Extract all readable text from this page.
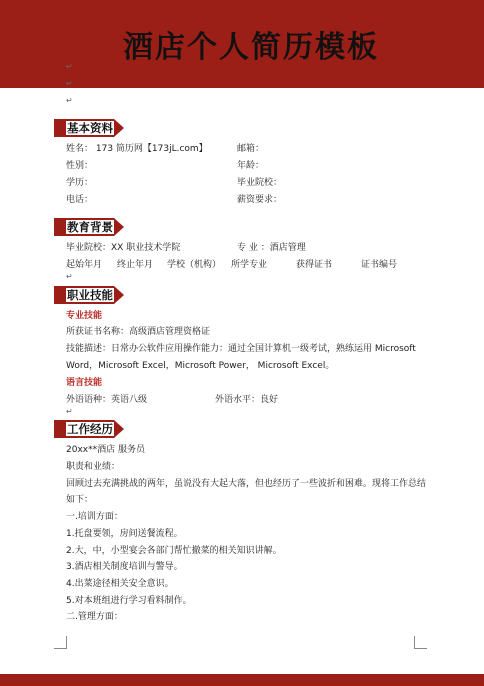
酒店个人简历模板
↵
↵
↵
基本资料
姓名： 173 简历网【173jL.com】	邮箱：
性别：	年龄：
学历：	毕业院校：
电话：	薪资要求：
教育背景
毕业院校：XX 职业技术学院	专 业 ：酒店管理
起始年月 终止年月 学校（机构） 所学专业	获得证书	证书编号
↵
职业技能
专业技能
所获证书名称：高级酒店管理资格证
技能描述：日常办公软件应用操作能力：通过全国计算机一级考试，熟练运用 Microsoft
Word，Microsoft Excel，Microsoft Power， Microsoft Excel。
语言技能
外语语种：英语八级	外语水平：良好
↵
工作经历
20xx**酒店 服务员
职责和业绩：
回顾过去充满挑战的两年，虽说没有大起大落，但也经历了一些波折和困难。现将工作总结
如下：
一.培训方面：
1.托盘要领，房间送餐流程。
2.大，中，小型宴会各部门帮忙撤菜的相关知识讲解。
3.酒店相关制度培训与警导。
4.出菜途径相关安全意识。
5.对本班组进行学习看料制作。
二.管理方面：
